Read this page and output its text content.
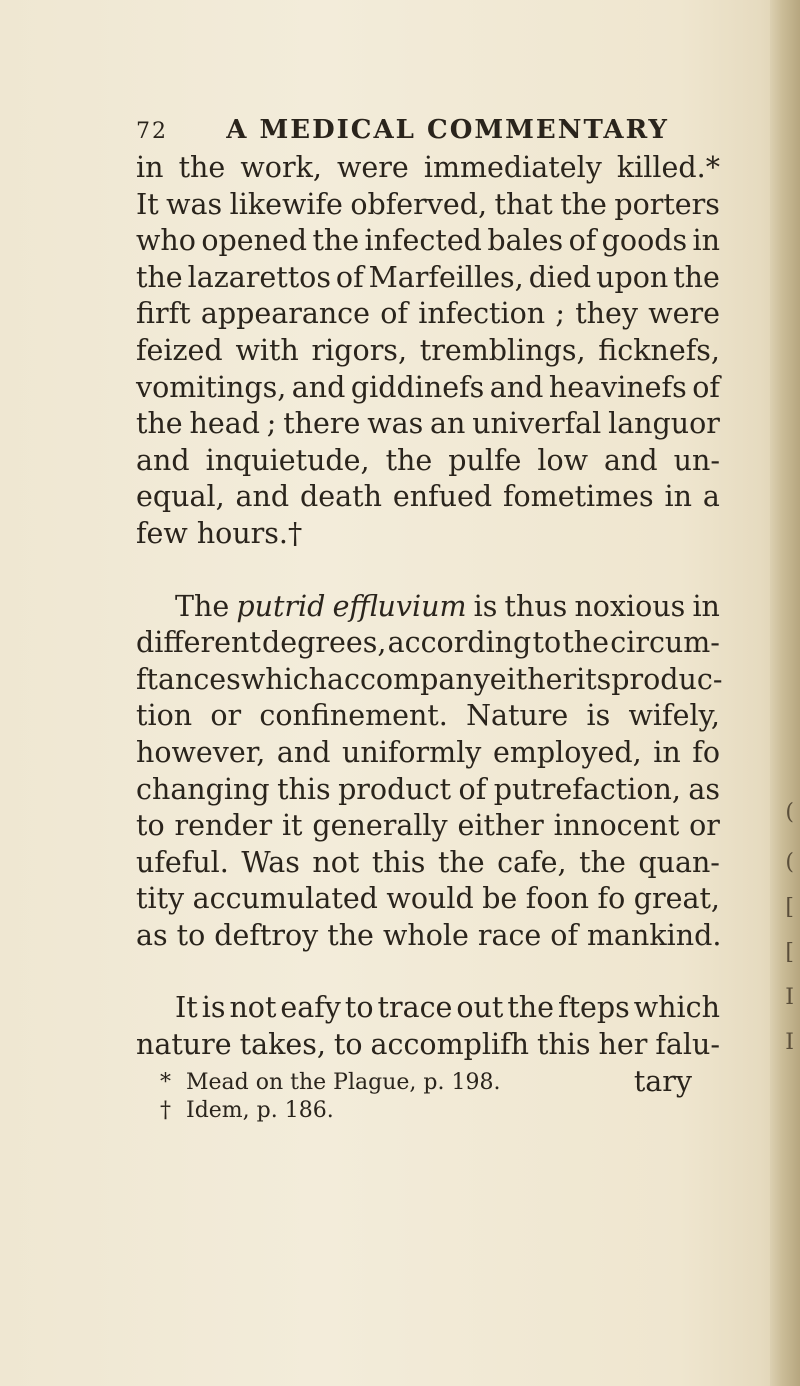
(
(
[
[
I
I
72 A MEDICAL COMMENTARY
in the work, were immediately killed.*
It was likewife obferved, that the porters
who opened the infected bales of goods in
the lazarettos of Marfeilles, died upon the
firft appearance of infection ; they were
feized with rigors, tremblings, ficknefs,
vomitings, and giddinefs and heavinefs of
the head ; there was an univerfal languor
and inquietude, the pulfe low and un-
equal, and death enfued fometimes in a
few hours.†
The putrid effluvium is thus noxious in
different degrees, according to the circum-
ftances which accompany either its produc-
tion or confinement. Nature is wifely,
however, and uniformly employed, in fo
changing this product of putrefaction, as
to render it generally either innocent or
ufeful. Was not this the cafe, the quan-
tity accumulated would be foon fo great,
as to deftroy the whole race of mankind.
It is not eafy to trace out the fteps which
nature takes, to accomplifh this her falu-
tary
* Mead on the Plague, p. 198.
† Idem, p. 186.
